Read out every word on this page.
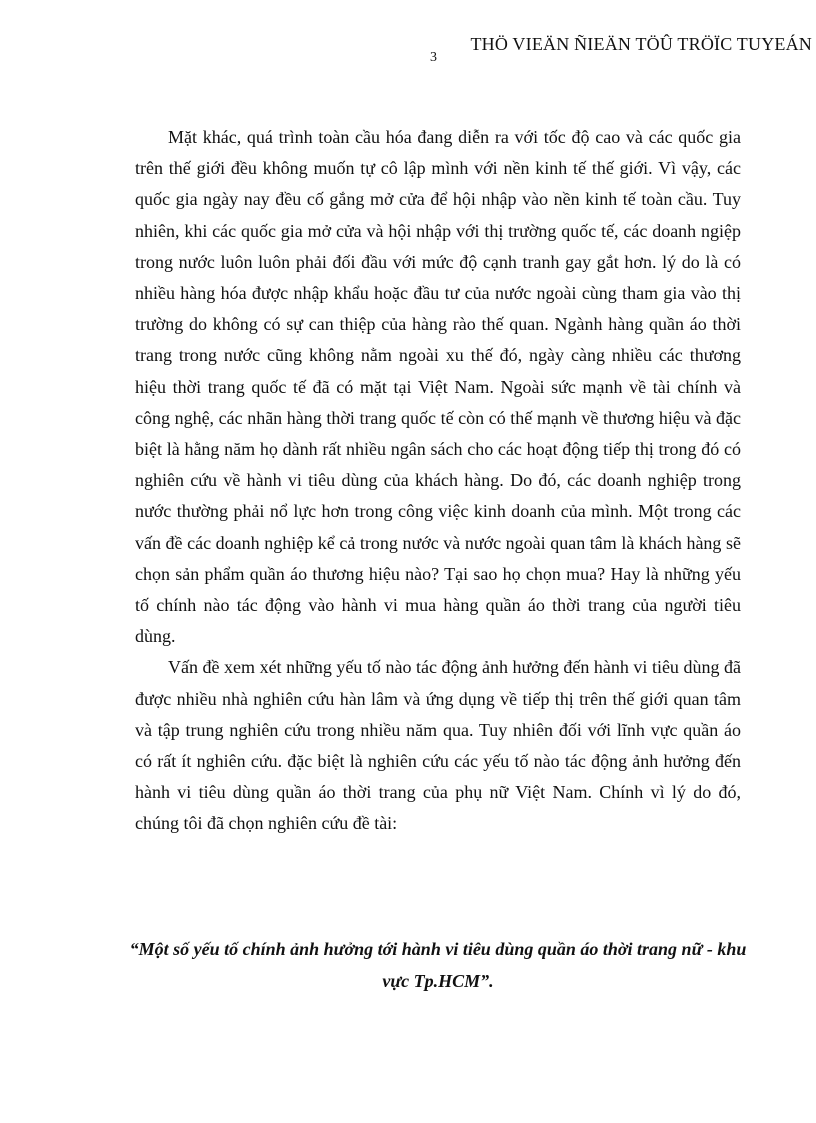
THÖ VIEÄN ÑIEÄN TÖÛ TRÖÏC TUYEÁN
3

Mặt khác, quá trình toàn cầu hóa đang diễn ra với tốc độ cao và các quốc gia trên thế giới đều không muốn tự cô lập mình với nền kinh tế thế giới. Vì vậy, các quốc gia ngày nay đều cố gắng mở cửa để hội nhập vào nền kinh tế toàn cầu. Tuy nhiên, khi các quốc gia mở cửa và hội nhập với thị trường quốc tế, các doanh ngiệp trong nước luôn luôn phải đối đầu với mức độ cạnh tranh gay gắt hơn. lý do là có nhiều hàng hóa được nhập khẩu hoặc đầu tư của nước ngoài cùng tham gia vào thị trường do không có sự can thiệp của hàng rào thế quan. Ngành hàng quần áo thời trang trong nước cũng không nằm ngoài xu thế đó, ngày càng nhiều các thương hiệu thời trang quốc tế đã có mặt tại Việt Nam. Ngoài sức mạnh về tài chính và công nghệ, các nhãn hàng thời trang quốc tế còn có thế mạnh về thương hiệu và đặc biệt là hằng năm họ dành rất nhiều ngân sách cho các hoạt động tiếp thị trong đó có nghiên cứu về hành vi tiêu dùng của khách hàng. Do đó, các doanh nghiệp trong nước thường phải nổ lực hơn trong công việc kinh doanh của mình. Một trong các vấn đề các doanh nghiệp kể cả trong nước và nước ngoài quan tâm là khách hàng sẽ chọn sản phẩm quần áo thương hiệu nào? Tại sao họ chọn mua? Hay là những yếu tố chính nào tác động vào hành vi mua hàng quần áo thời trang của người tiêu dùng.

Vấn đề xem xét những yếu tố nào tác động ảnh hưởng đến hành vi tiêu dùng đã được nhiều nhà nghiên cứu hàn lâm và ứng dụng về tiếp thị trên thế giới quan tâm và tập trung nghiên cứu trong nhiều năm qua. Tuy nhiên đối với lĩnh vực quần áo có rất ít nghiên cứu. đặc biệt là nghiên cứu các yếu tố nào tác động ảnh hưởng đến hành vi tiêu dùng quần áo thời trang của phụ nữ Việt Nam. Chính vì lý do đó, chúng tôi đã chọn nghiên cứu đề tài:

“Một số yếu tố chính ảnh hưởng tới hành vi tiêu dùng quần áo thời trang nữ - khu vực Tp.HCM”.
